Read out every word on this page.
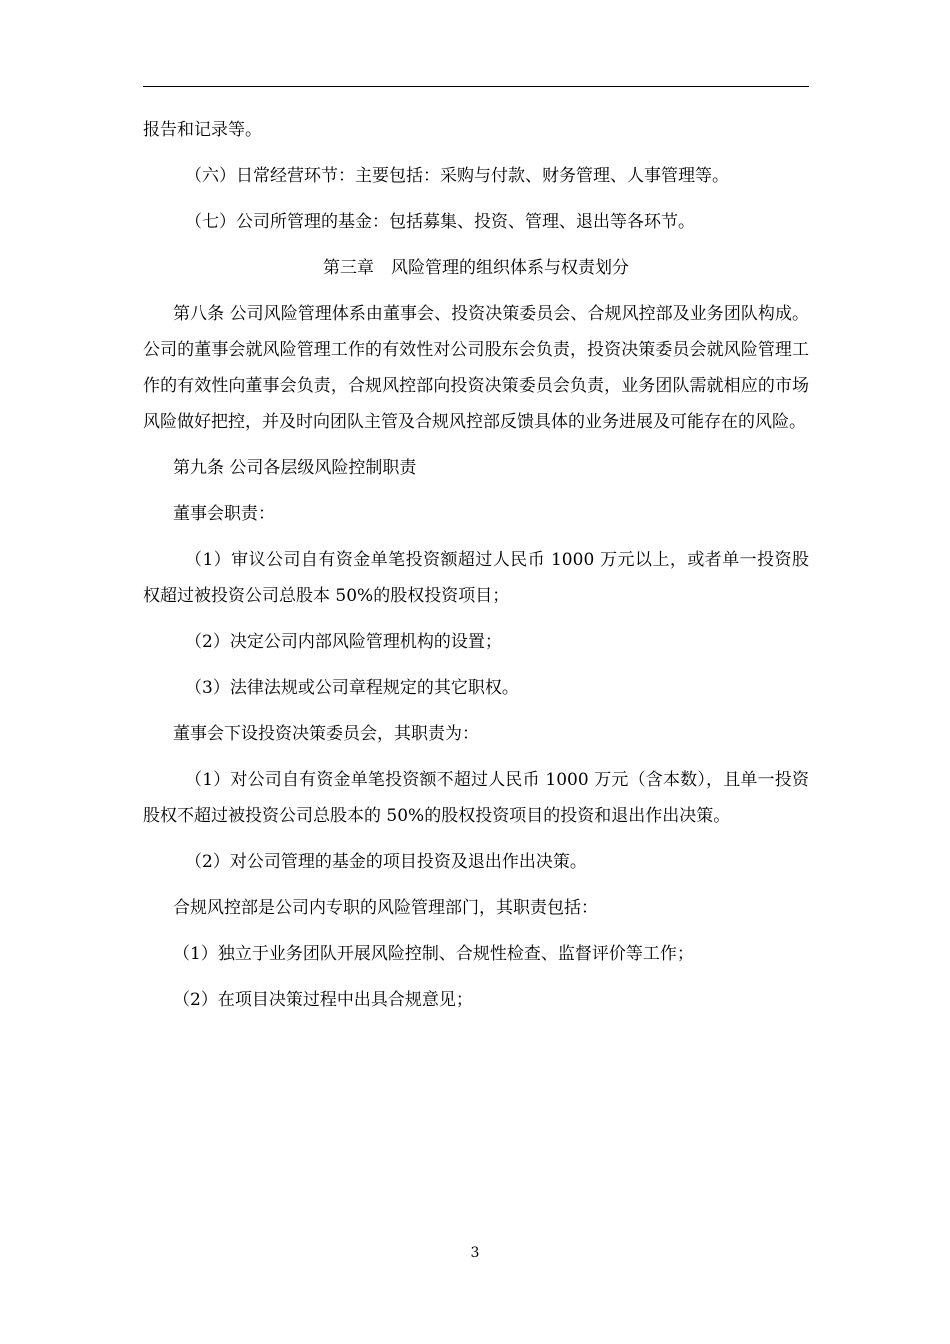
报告和记录等。

（六）日常经营环节：主要包括：采购与付款、财务管理、人事管理等。

（七）公司所管理的基金：包括募集、投资、管理、退出等各环节。

第三章　风险管理的组织体系与权责划分

第八条 公司风险管理体系由董事会、投资决策委员会、合规风控部及业务团队构成。公司的董事会就风险管理工作的有效性对公司股东会负责，投资决策委员会就风险管理工作的有效性向董事会负责，合规风控部向投资决策委员会负责，业务团队需就相应的市场风险做好把控，并及时向团队主管及合规风控部反馈具体的业务进展及可能存在的风险。

第九条 公司各层级风险控制职责

董事会职责：

（1）审议公司自有资金单笔投资额超过人民币 1000 万元以上，或者单一投资股权超过被投资公司总股本 50%的股权投资项目；

（2）决定公司内部风险管理机构的设置；

（3）法律法规或公司章程规定的其它职权。

董事会下设投资决策委员会，其职责为：

（1）对公司自有资金单笔投资额不超过人民币 1000 万元（含本数），且单一投资股权不超过被投资公司总股本的 50%的股权投资项目的投资和退出作出决策。

（2）对公司管理的基金的项目投资及退出作出决策。

合规风控部是公司内专职的风险管理部门，其职责包括：

（1）独立于业务团队开展风险控制、合规性检查、监督评价等工作；

（2）在项目决策过程中出具合规意见；

3
